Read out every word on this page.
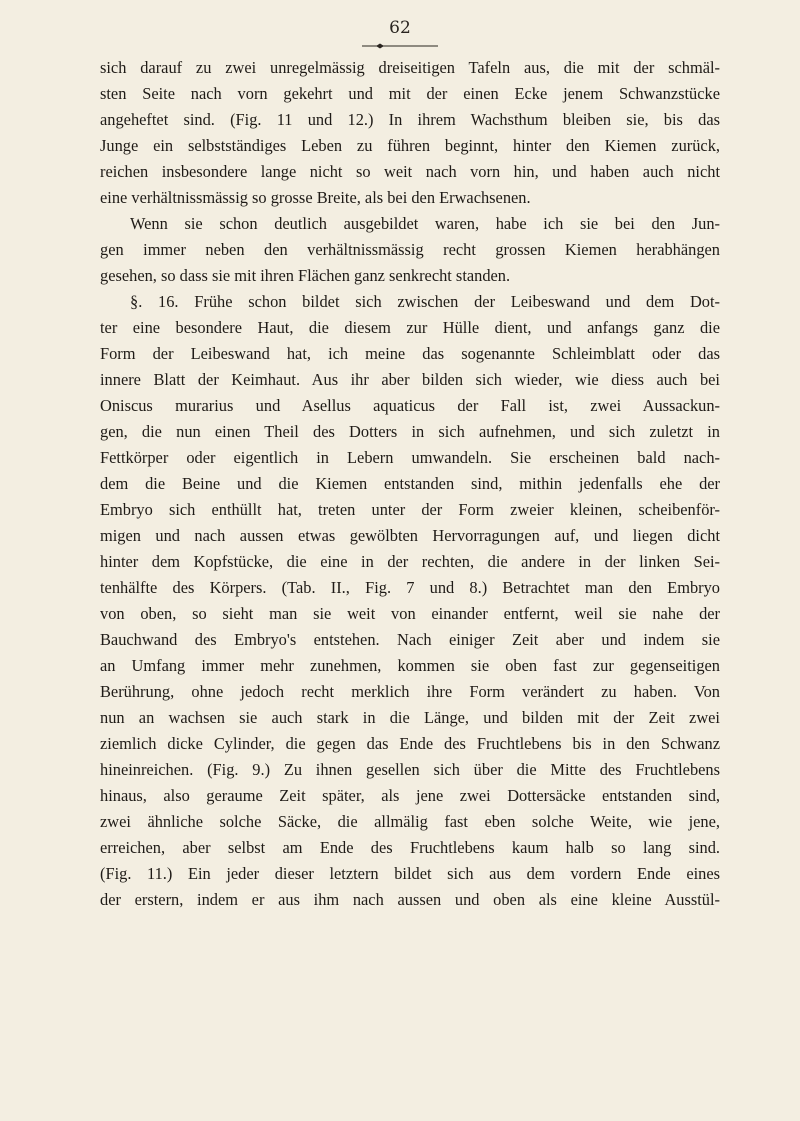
62
sich darauf zu zwei unregelmässig dreiseitigen Tafeln aus, die mit der schmäl-
sten Seite nach vorn gekehrt und mit der einen Ecke jenem Schwanzstücke
angeheftet sind. (Fig. 11 und 12.) In ihrem Wachsthum bleiben sie, bis das
Junge ein selbstständiges Leben zu führen beginnt, hinter den Kiemen zurück,
reichen insbesondere lange nicht so weit nach vorn hin, und haben auch nicht
eine verhältnissmässig so grosse Breite, als bei den Erwachsenen.
Wenn sie schon deutlich ausgebildet waren, habe ich sie bei den Jun-
gen immer neben den verhältnissmässig recht grossen Kiemen herabhängen
gesehen, so dass sie mit ihren Flächen ganz senkrecht standen.
§. 16. Frühe schon bildet sich zwischen der Leibeswand und dem Dot-
ter eine besondere Haut, die diesem zur Hülle dient, und anfangs ganz die
Form der Leibeswand hat, ich meine das sogenannte Schleimblatt oder das
innere Blatt der Keimhaut. Aus ihr aber bilden sich wieder, wie diess auch bei
Oniscus murarius und Asellus aquaticus der Fall ist, zwei Aussackun-
gen, die nun einen Theil des Dotters in sich aufnehmen, und sich zuletzt in
Fettkörper oder eigentlich in Lebern umwandeln. Sie erscheinen bald nach-
dem die Beine und die Kiemen entstanden sind, mithin jedenfalls ehe der
Embryo sich enthüllt hat, treten unter der Form zweier kleinen, scheibenför-
migen und nach aussen etwas gewölbten Hervorragungen auf, und liegen dicht
hinter dem Kopfstücke, die eine in der rechten, die andere in der linken Sei-
tenhälfte des Körpers. (Tab. II., Fig. 7 und 8.) Betrachtet man den Embryo
von oben, so sieht man sie weit von einander entfernt, weil sie nahe der
Bauchwand des Embryo's entstehen. Nach einiger Zeit aber und indem sie
an Umfang immer mehr zunehmen, kommen sie oben fast zur gegenseitigen
Berührung, ohne jedoch recht merklich ihre Form verändert zu haben. Von
nun an wachsen sie auch stark in die Länge, und bilden mit der Zeit zwei
ziemlich dicke Cylinder, die gegen das Ende des Fruchtlebens bis in den Schwanz
hineinreichen. (Fig. 9.) Zu ihnen gesellen sich über die Mitte des Fruchtlebens
hinaus, also geraume Zeit später, als jene zwei Dottersäcke entstanden sind,
zwei ähnliche solche Säcke, die allmälig fast eben solche Weite, wie jene,
erreichen, aber selbst am Ende des Fruchtlebens kaum halb so lang sind.
(Fig. 11.) Ein jeder dieser letztern bildet sich aus dem vordern Ende eines
der erstern, indem er aus ihm nach aussen und oben als eine kleine Ausstül-
